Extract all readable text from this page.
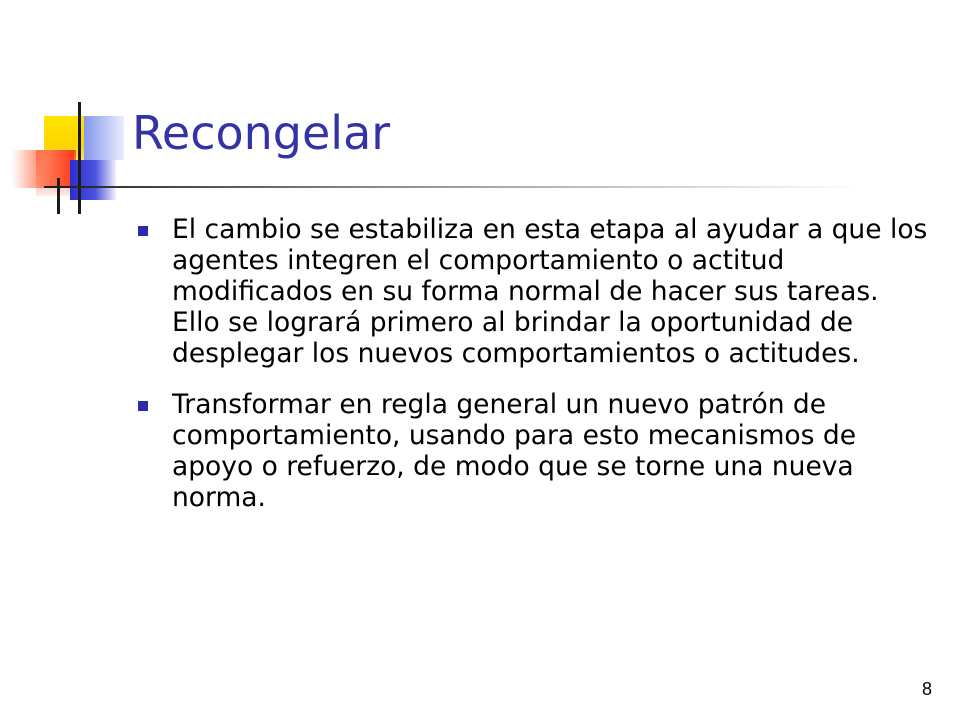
Recongelar
El cambio se estabiliza en esta etapa al ayudar a que los agentes integren el comportamiento o actitud modificados en su forma normal de hacer sus tareas. Ello se logrará primero al brindar la oportunidad de desplegar los nuevos comportamientos o actitudes.
Transformar en regla general un nuevo patrón de comportamiento, usando para esto mecanismos de apoyo o refuerzo, de modo que se torne una nueva norma.
8
